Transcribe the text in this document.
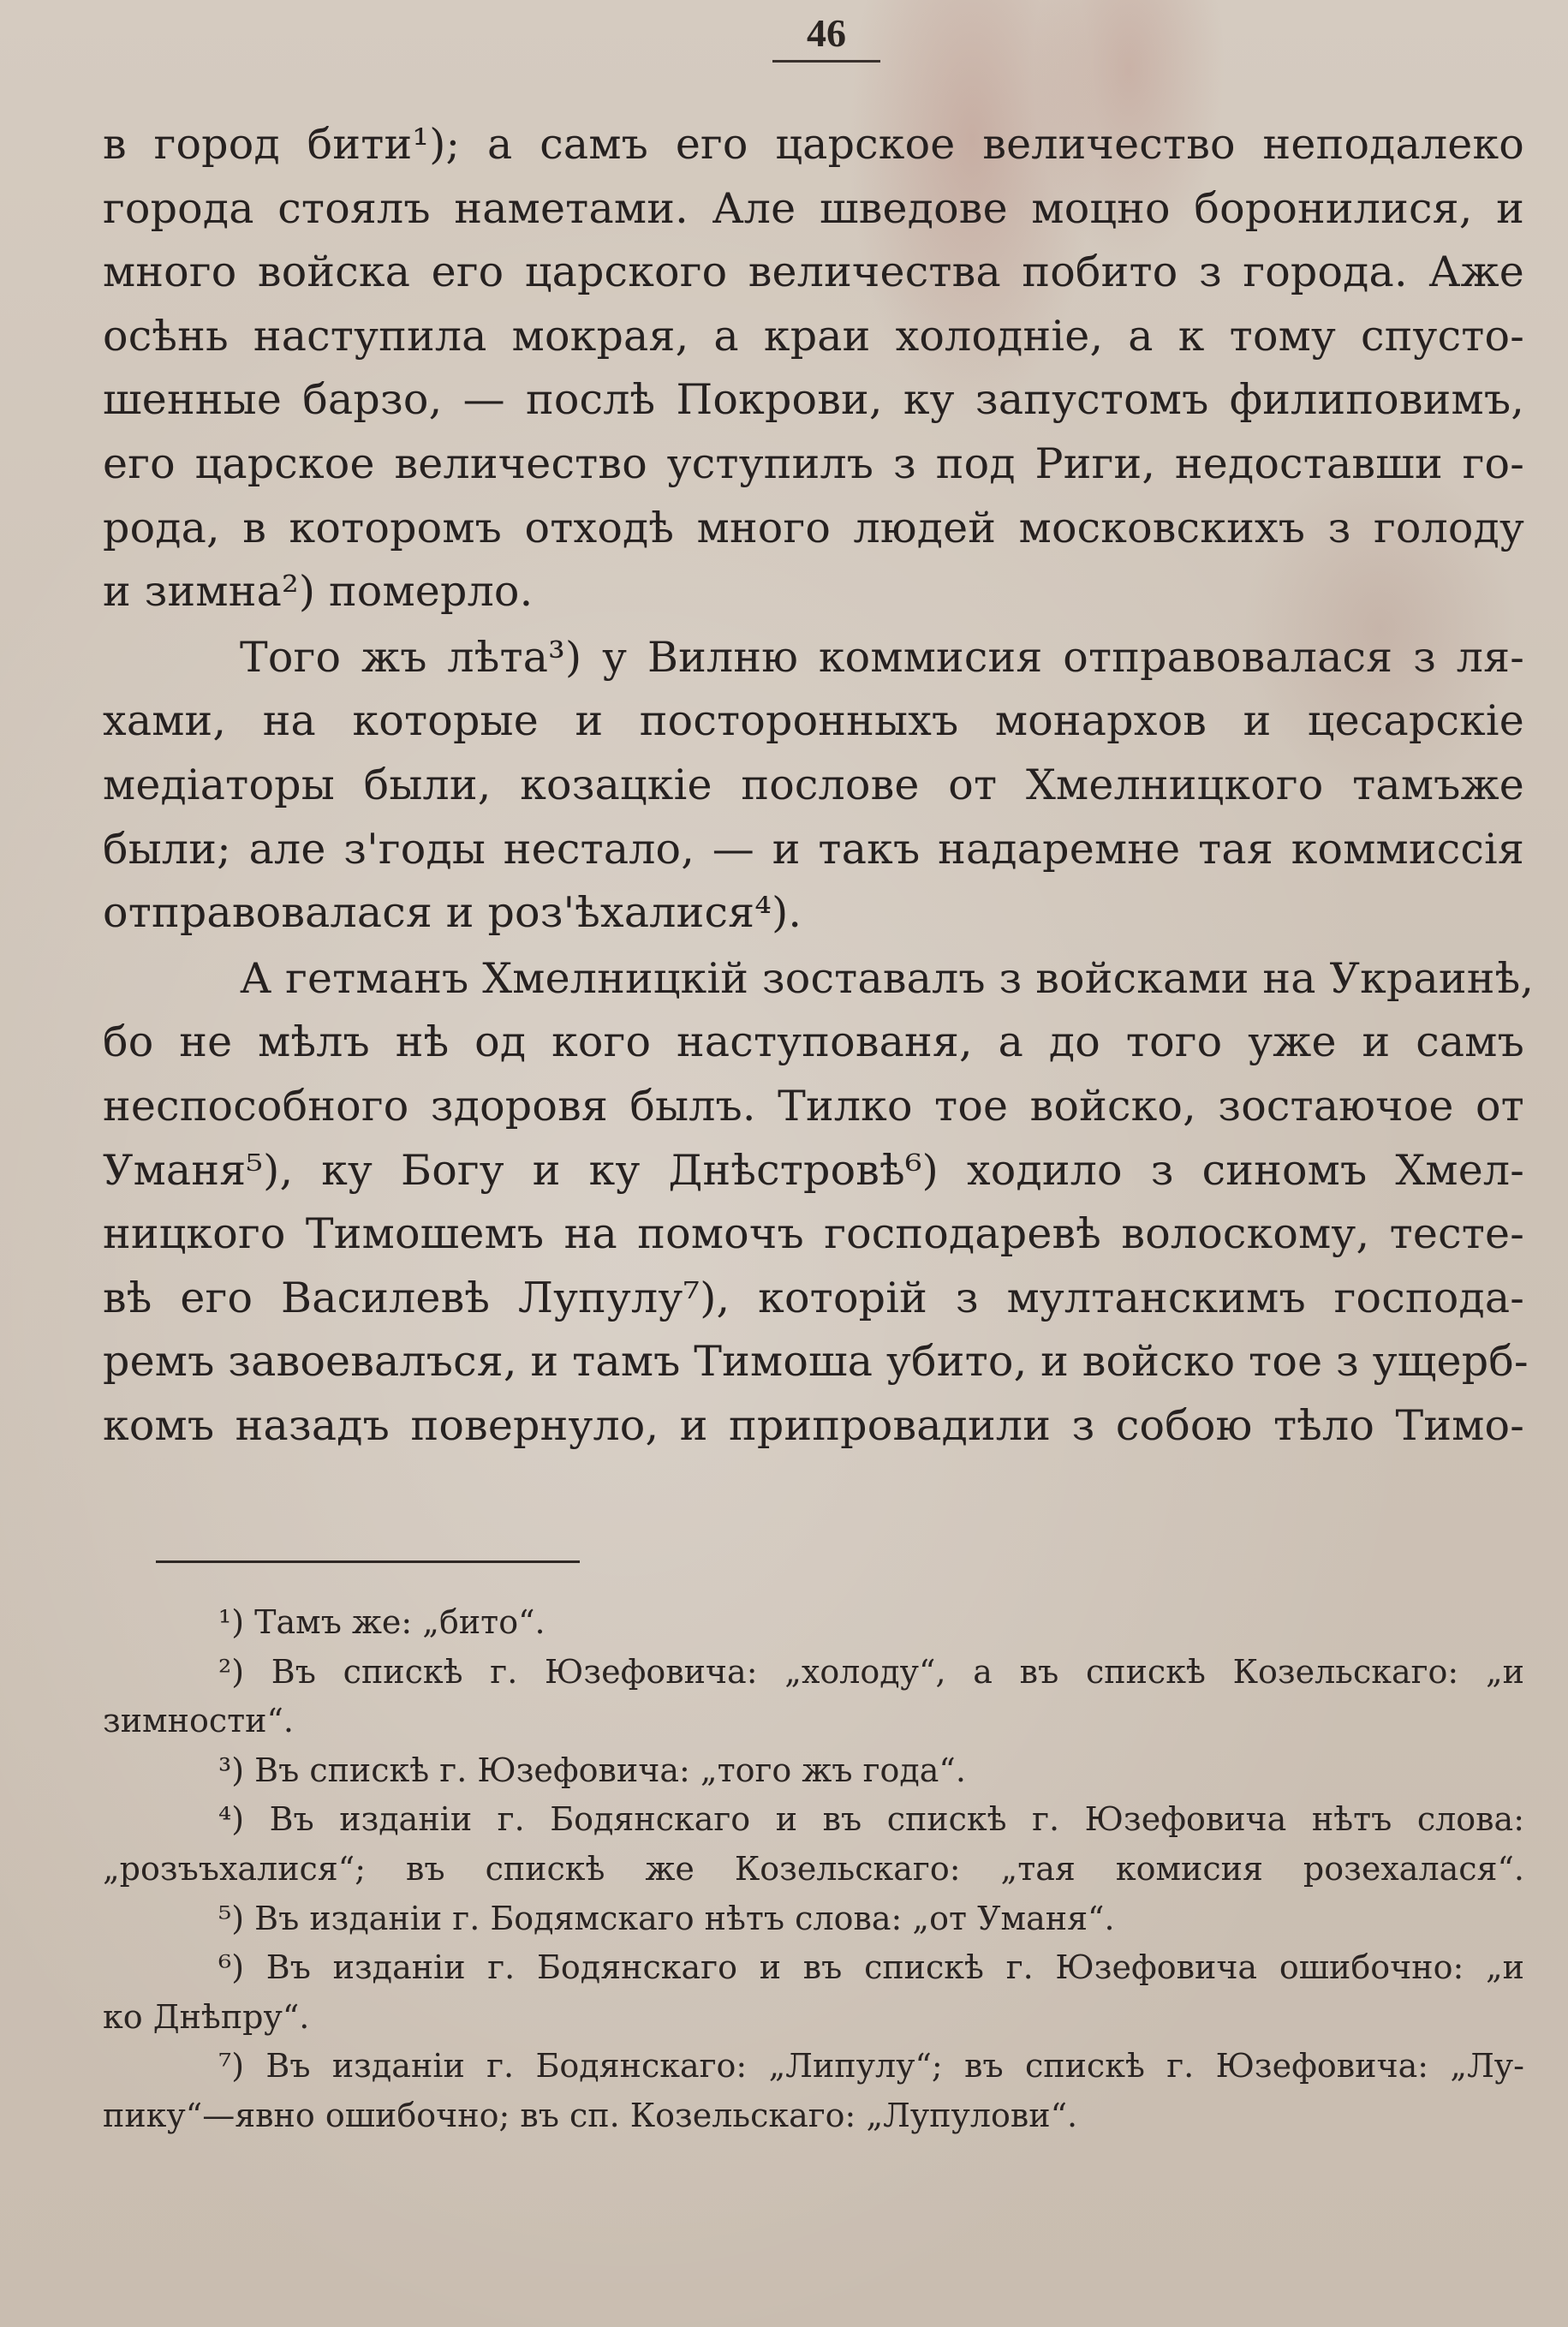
46

в город бити¹); а самъ его царское величество неподалеко
города стоялъ наметами. Але шведове моцно боронилися, и
много войска его царского величества побито з города. Аже
осѣнь наступила мокрая, а краи холодніе, а к тому спусто-
шенные барзо, — послѣ Покрови, ку запустомъ филиповимъ,
его царское величество уступилъ з под Риги, недоставши го-
рода, в которомъ отходѣ много людей московскихъ з голоду
и зимна²) померло.

Того жъ лѣта³) у Вилню коммисия отправовалася з ля-
хами, на которые и посторонныхъ монархов и цесарскіе
медіаторы были, козацкіе послове от Хмелницкого тамъже
были; але з'годы нестало, — и такъ надаремне тая коммиссія
отправовалася и роз'ѣхалися⁴).

А гетманъ Хмелницкій зоставалъ з войсками на Украинѣ,
бо не мѣлъ нѣ од кого наступованя, а до того уже и самъ
неспособного здоровя былъ. Тилко тое войско, зостаючое от
Уманя⁵), ку Богу и ку Днѣстровѣ⁶) ходило з синомъ Хмел-
ницкого Тимошемъ на помочъ господаревѣ волоскому, тесте-
вѣ его Василевѣ Лупулу⁷), которій з мултанскимъ господа-
ремъ завоевалъся, и тамъ Тимоша убито, и войско тое з ущерб-
комъ назадъ повернуло, и припровадили з собою тѣло Тимо-

¹) Тамъ же: „бито“.

²) Въ спискѣ г. Юзефовича: „холоду“, а въ спискѣ Козельскаго: „и
зимности“.

³) Въ спискѣ г. Юзефовича: „того жъ года“.

⁴) Въ изданіи г. Бодянскаго и въ спискѣ г. Юзефовича нѣтъ слова:
„розъъхалися“; въ спискѣ же Козельскаго: „тая комисия розехалася“.

⁵) Въ изданіи г. Бодямскаго нѣтъ слова: „от Уманя“.

⁶) Въ изданіи г. Бодянскаго и въ спискѣ г. Юзефовича ошибочно: „и
ко Днѣпру“.

⁷) Въ изданіи г. Бодянскаго: „Липулу“; въ спискѣ г. Юзефовича: „Лу-
пику“—явно ошибочно; въ сп. Козельскаго: „Лупулови“.
